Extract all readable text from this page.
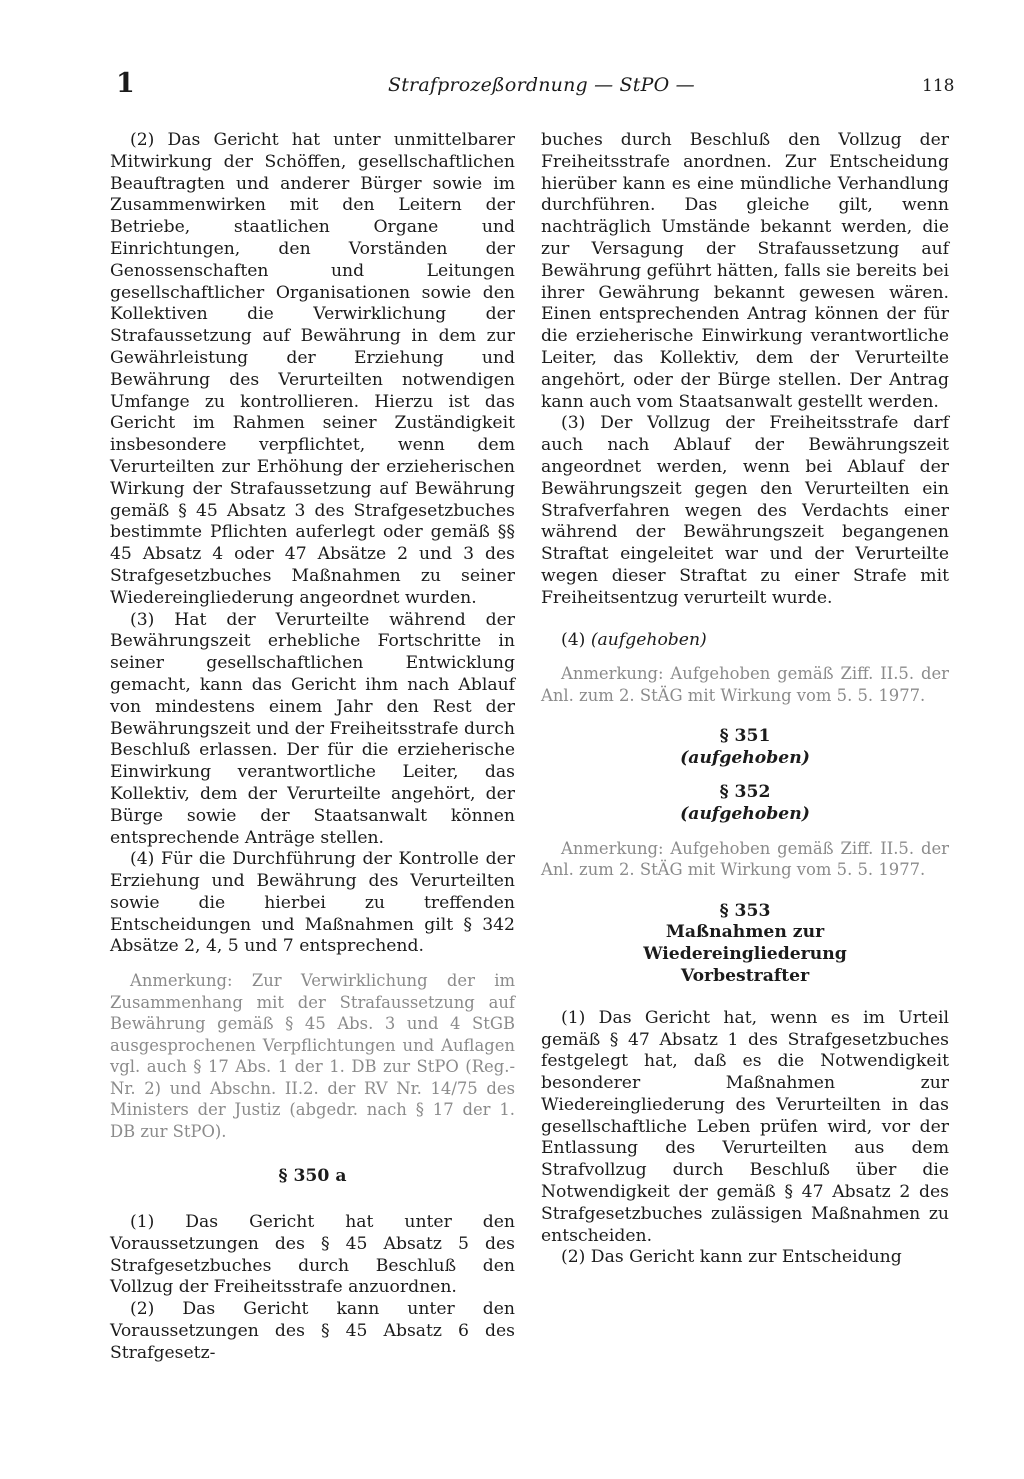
1	Strafprozeßordnung — StPO —	118

(2) Das Gericht hat unter unmittelbarer Mitwirkung der Schöffen, gesellschaftlichen Beauftragten und anderer Bürger sowie im Zusammenwirken mit den Leitern der Betriebe, staatlichen Organe und Einrichtungen, den Vorständen der Genossenschaften und Leitungen gesellschaftlicher Organisationen sowie den Kollektiven die Verwirklichung der Strafaussetzung auf Bewährung in dem zur Gewährleistung der Erziehung und Bewährung des Verurteilten notwendigen Umfange zu kontrollieren. Hierzu ist das Gericht im Rahmen seiner Zuständigkeit insbesondere verpflichtet, wenn dem Verurteilten zur Erhöhung der erzieherischen Wirkung der Strafaussetzung auf Bewährung gemäß § 45 Absatz 3 des Strafgesetzbuches bestimmte Pflichten auferlegt oder gemäß §§ 45 Absatz 4 oder 47 Absätze 2 und 3 des Strafgesetzbuches Maßnahmen zu seiner Wiedereingliederung angeordnet wurden.

(3) Hat der Verurteilte während der Bewährungszeit erhebliche Fortschritte in seiner gesellschaftlichen Entwicklung gemacht, kann das Gericht ihm nach Ablauf von mindestens einem Jahr den Rest der Bewährungszeit und der Freiheitsstrafe durch Beschluß erlassen. Der für die erzieherische Einwirkung verantwortliche Leiter, das Kollektiv, dem der Verurteilte angehört, der Bürge sowie der Staatsanwalt können entsprechende Anträge stellen.

(4) Für die Durchführung der Kontrolle der Erziehung und Bewährung des Verurteilten sowie die hierbei zu treffenden Entscheidungen und Maßnahmen gilt § 342 Absätze 2, 4, 5 und 7 entsprechend.

Anmerkung: Zur Verwirklichung der im Zusammenhang mit der Strafaussetzung auf Bewährung gemäß § 45 Abs. 3 und 4 StGB ausgesprochenen Verpflichtungen und Auflagen vgl. auch § 17 Abs. 1 der 1. DB zur StPO (Reg.-Nr. 2) und Abschn. II.2. der RV Nr. 14/75 des Ministers der Justiz (abgedr. nach § 17 der 1. DB zur StPO).

§ 350 a

(1) Das Gericht hat unter den Voraussetzungen des § 45 Absatz 5 des Strafgesetzbuches durch Beschluß den Vollzug der Freiheitsstrafe anzuordnen.

(2) Das Gericht kann unter den Voraussetzungen des § 45 Absatz 6 des Strafgesetz-

buches durch Beschluß den Vollzug der Freiheitsstrafe anordnen. Zur Entscheidung hierüber kann es eine mündliche Verhandlung durchführen. Das gleiche gilt, wenn nachträglich Umstände bekannt werden, die zur Versagung der Strafaussetzung auf Bewährung geführt hätten, falls sie bereits bei ihrer Gewährung bekannt gewesen wären. Einen entsprechenden Antrag können der für die erzieherische Einwirkung verantwortliche Leiter, das Kollektiv, dem der Verurteilte angehört, oder der Bürge stellen. Der Antrag kann auch vom Staatsanwalt gestellt werden.

(3) Der Vollzug der Freiheitsstrafe darf auch nach Ablauf der Bewährungszeit angeordnet werden, wenn bei Ablauf der Bewährungszeit gegen den Verurteilten ein Strafverfahren wegen des Verdachts einer während der Bewährungszeit begangenen Straftat eingeleitet war und der Verurteilte wegen dieser Straftat zu einer Strafe mit Freiheitsentzug verurteilt wurde.

(4) (aufgehoben)

Anmerkung: Aufgehoben gemäß Ziff. II.5. der Anl. zum 2. StÄG mit Wirkung vom 5. 5. 1977.

§ 351

(aufgehoben)

§ 352

(aufgehoben)

Anmerkung: Aufgehoben gemäß Ziff. II.5. der Anl. zum 2. StÄG mit Wirkung vom 5. 5. 1977.

§ 353

Maßnahmen zur Wiedereingliederung Vorbestrafter

(1) Das Gericht hat, wenn es im Urteil gemäß § 47 Absatz 1 des Strafgesetzbuches festgelegt hat, daß es die Notwendigkeit besonderer Maßnahmen zur Wiedereingliederung des Verurteilten in das gesellschaftliche Leben prüfen wird, vor der Entlassung des Verurteilten aus dem Strafvollzug durch Beschluß über die Notwendigkeit der gemäß § 47 Absatz 2 des Strafgesetzbuches zulässigen Maßnahmen zu entscheiden.

(2) Das Gericht kann zur Entscheidung
